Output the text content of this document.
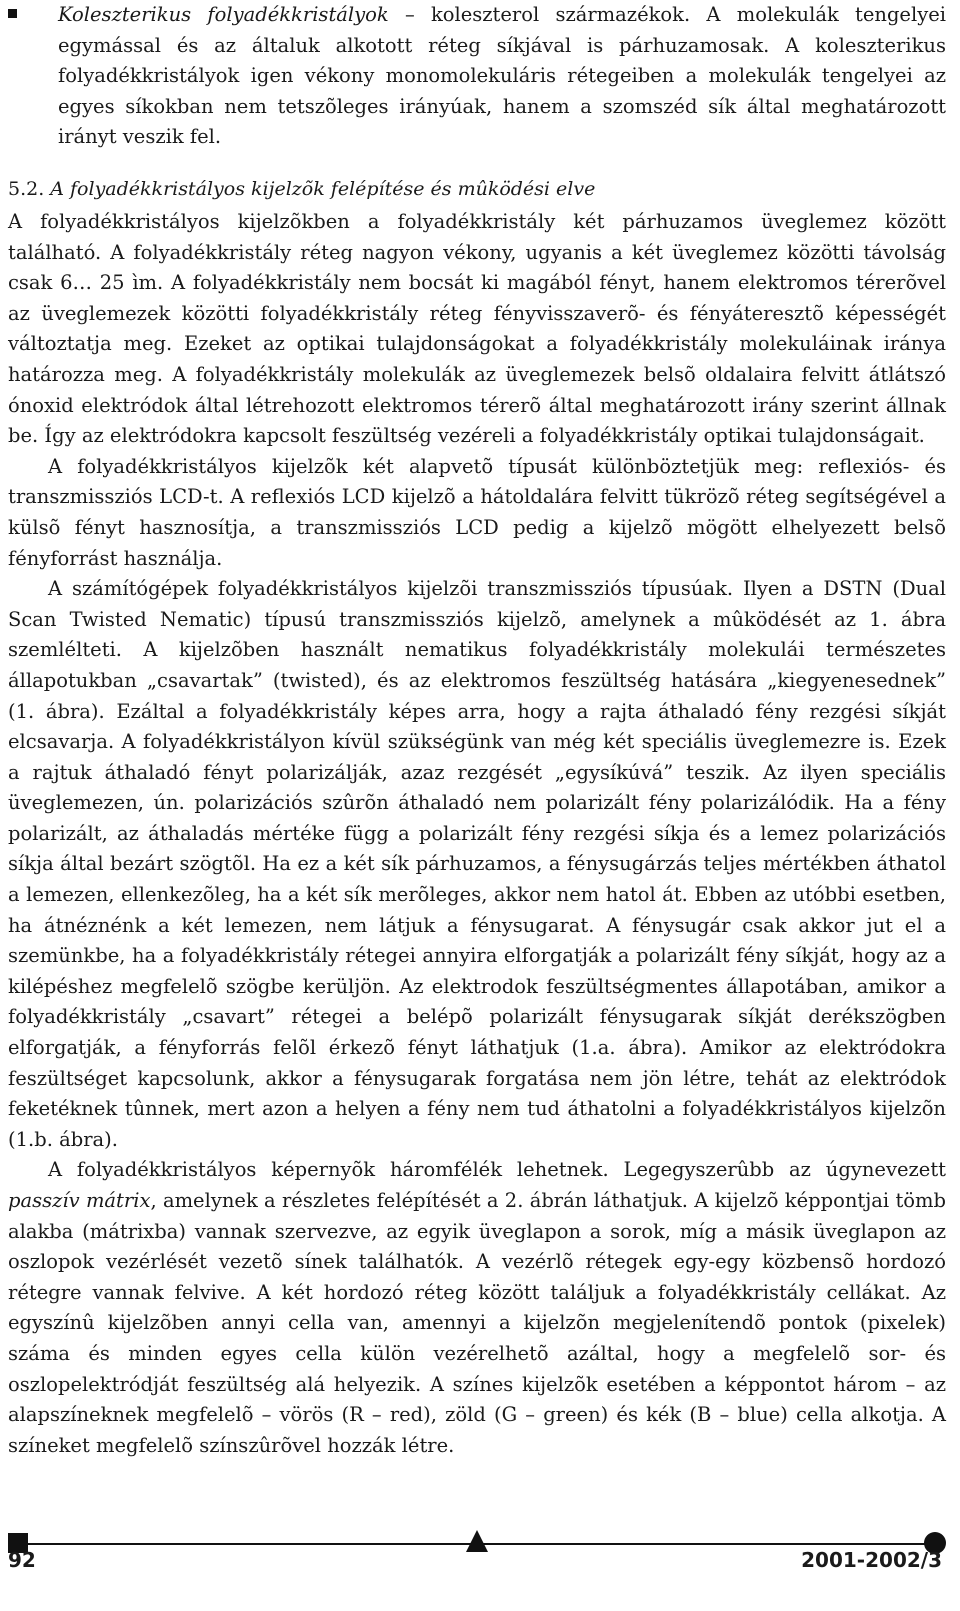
Koleszterikus folyadékkristályok – koleszterol származékok. A molekulák tengelyei egymással és az általuk alkotott réteg síkjával is párhuzamosak. A koleszterikus folyadékkristályok igen vékony monomolekuláris rétegeiben a molekulák tengelyei az egyes síkokban nem tetszõleges irányúak, hanem a szomszéd sík által meghatározott irányt veszik fel.

5.2. A folyadékkristályos kijelzõk felépítése és mûködési elve

A folyadékkristályos kijelzõkben a folyadékkristály két párhuzamos üveglemez között található. A folyadékkristály réteg nagyon vékony, ugyanis a két üveglemez közötti távolság csak 6… 25 ìm. A folyadékkristály nem bocsát ki magából fényt, hanem elektromos térerõvel az üveglemezek közötti folyadékkristály réteg fényvisszaverõ- és fényáteresztõ képességét változtatja meg. Ezeket az optikai tulajdonságokat a folyadékkristály molekuláinak iránya határozza meg. A folyadékkristály molekulák az üveglemezek belsõ oldalaira felvitt átlátszó ónoxid elektródok által létrehozott elektromos térerõ által meghatározott irány szerint állnak be. Így az elektródokra kapcsolt feszültség vezéreli a folyadékkristály optikai tulajdonságait.

A folyadékkristályos kijelzõk két alapvetõ típusát különböztetjük meg: reflexiós- és transzmissziós LCD-t. A reflexiós LCD kijelzõ a hátoldalára felvitt tükrözõ réteg segítségével a külsõ fényt hasznosítja, a transzmissziós LCD pedig a kijelzõ mögött elhelyezett belsõ fényforrást használja.

A számítógépek folyadékkristályos kijelzõi transzmissziós típusúak. Ilyen a DSTN (Dual Scan Twisted Nematic) típusú transzmissziós kijelzõ, amelynek a mûködését az 1. ábra szemlélteti. A kijelzõben használt nematikus folyadékkristály molekulái természetes állapotukban „csavartak” (twisted), és az elektromos feszültség hatására „kiegyenesednek” (1. ábra). Ezáltal a folyadékkristály képes arra, hogy a rajta áthaladó fény rezgési síkját elcsavarja. A folyadékkristályon kívül szükségünk van még két speciális üveglemezre is. Ezek a rajtuk áthaladó fényt polarizálják, azaz rezgését „egysíkúvá” teszik. Az ilyen speciális üveglemezen, ún. polarizációs szûrõn áthaladó nem polarizált fény polarizálódik. Ha a fény polarizált, az áthaladás mértéke függ a polarizált fény rezgési síkja és a lemez polarizációs síkja által bezárt szögtõl. Ha ez a két sík párhuzamos, a fénysugárzás teljes mértékben áthatol a lemezen, ellenkezõleg, ha a két sík merõleges, akkor nem hatol át. Ebben az utóbbi esetben, ha átnéznénk a két lemezen, nem látjuk a fénysugarat. A fénysugár csak akkor jut el a szemünkbe, ha a folyadékkristály rétegei annyira elforgatják a polarizált fény síkját, hogy az a kilépéshez megfelelõ szögbe kerüljön. Az elektrodok feszültségmentes állapotában, amikor a folyadékkristály „csavart” rétegei a belépõ polarizált fénysugarak síkját derékszögben elforgatják, a fényforrás felõl érkezõ fényt láthatjuk (1.a. ábra). Amikor az elektródokra feszültséget kapcsolunk, akkor a fénysugarak forgatása nem jön létre, tehát az elektródok feketéknek tûnnek, mert azon a helyen a fény nem tud áthatolni a folyadékkristályos kijelzõn (1.b. ábra).

A folyadékkristályos képernyõk háromfélék lehetnek. Legegyszerûbb az úgynevezett passzív mátrix, amelynek a részletes felépítését a 2. ábrán láthatjuk. A kijelzõ képpontjai tömb alakba (mátrixba) vannak szervezve, az egyik üveglapon a sorok, míg a másik üveglapon az oszlopok vezérlését vezetõ sínek találhatók. A vezérlõ rétegek egy-egy közbensõ hordozó rétegre vannak felvive. A két hordozó réteg között találjuk a folyadékkristály cellákat. Az egyszínû kijelzõben annyi cella van, amennyi a kijelzõn megjelenítendõ pontok (pixelek) száma és minden egyes cella külön vezérelhetõ azáltal, hogy a megfelelõ sor- és oszlopelektródját feszültség alá helyezik. A színes kijelzõk esetében a képpontot három – az alapszíneknek megfelelõ – vörös (R – red), zöld (G – green) és kék (B – blue) cella alkotja. A színeket megfelelõ színszûrõvel hozzák létre.

92	2001-2002/3
